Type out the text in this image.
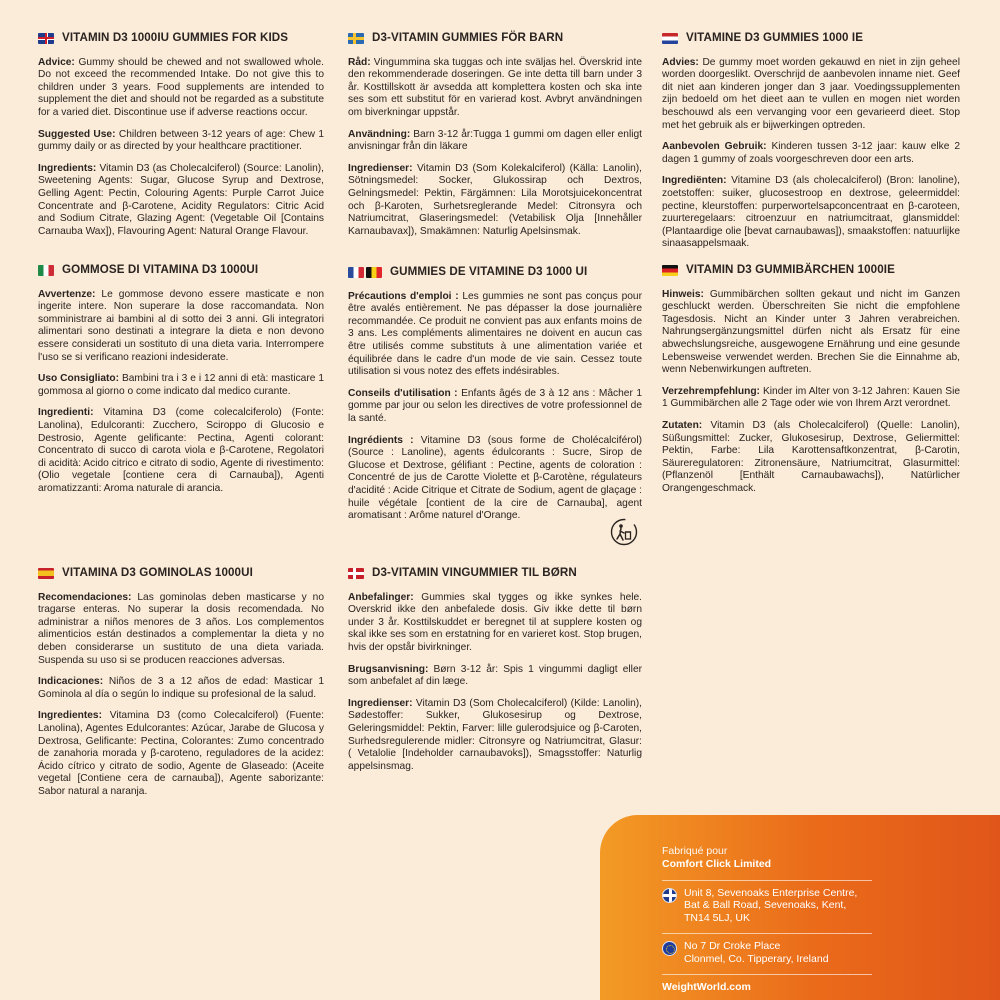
VITAMIN D3 1000IU GUMMIES FOR KIDS
Advice: Gummy should be chewed and not swallowed whole. Do not exceed the recommended Intake. Do not give this to children under 3 years. Food supplements are intended to supplement the diet and should not be regarded as a substitute for a varied diet. Discontinue use if adverse reactions occur.
Suggested Use: Children between 3-12 years of age: Chew 1 gummy daily or as directed by your healthcare practitioner.
Ingredients: Vitamin D3 (as Cholecalciferol) (Source: Lanolin), Sweetening Agents: Sugar, Glucose Syrup and Dextrose, Gelling Agent: Pectin, Colouring Agents: Purple Carrot Juice Concentrate and β-Carotene, Acidity Regulators: Citric Acid and Sodium Citrate, Glazing Agent: (Vegetable Oil [Contains Carnauba Wax]), Flavouring Agent: Natural Orange Flavour.
D3-VITAMIN GUMMIES FÖR BARN
Råd: Vingummina ska tuggas och inte sväljas hel. Överskrid inte den rekommenderade doseringen. Ge inte detta till barn under 3 år. Kosttillskott är avsedda att komplettera kosten och ska inte ses som ett substitut för en varierad kost. Avbryt användningen om biverkningar uppstår.
Användning: Barn 3-12 år:Tugga 1 gummi om dagen eller enligt anvisningar från din läkare
Ingredienser: Vitamin D3 (Som Kolekalciferol) (Källa: Lanolin), Sötningsmedel: Socker, Glukossirap och Dextros, Gelningsmedel: Pektin, Färgämnen: Lila Morotsjuicekoncentrat och β-Karoten, Surhetsreglerande Medel: Citronsyra och Natriumcitrat, Glaseringsmedel: (Vetabilisk Olja [Innehåller Karnaubavax]), Smakämnen: Naturlig Apelsinsmak.
VITAMINE D3 GUMMIES 1000 IE
Advies: De gummy moet worden gekauwd en niet in zijn geheel worden doorgeslikt. Overschrijd de aanbevolen inname niet. Geef dit niet aan kinderen jonger dan 3 jaar. Voedingssupplementen zijn bedoeld om het dieet aan te vullen en mogen niet worden beschouwd als een vervanging voor een gevarieerd dieet. Stop met het gebruik als er bijwerkingen optreden.
Aanbevolen Gebruik: Kinderen tussen 3-12 jaar: kauw elke 2 dagen 1 gummy of zoals voorgeschreven door een arts.
Ingrediënten: Vitamine D3 (als cholecalciferol) (Bron: lanoline), zoetstoffen: suiker, glucosestroop en dextrose, geleermiddel: pectine, kleurstoffen: purperwortelsapconcentraat en β-caroteen, zuurteregelaars: citroenzuur en natriumcitraat, glansmiddel: (Plantaardige olie [bevat carnaubawas]), smaakstoffen: natuurlijke sinaasappelsmaak.
GOMMOSE DI VITAMINA D3 1000UI
Avvertenze: Le gommose devono essere masticate e non ingerite intere. Non superare la dose raccomandata. Non somministrare ai bambini al di sotto dei 3 anni. Gli integratori alimentari sono destinati a integrare la dieta e non devono essere considerati un sostituto di una dieta varia. Interrompere l'uso se si verificano reazioni indesiderate.
Uso Consigliato: Bambini tra i 3 e i 12 anni di età: masticare 1 gommosa al giorno o come indicato dal medico curante.
Ingredienti: Vitamina D3 (come colecalciferolo) (Fonte: Lanolina), Edulcoranti: Zucchero, Sciroppo di Glucosio e Destrosio, Agente gelificante: Pectina, Agenti colorant: Concentrato di succo di carota viola e β-Carotene, Regolatori di acidità: Acido citrico e citrato di sodio, Agente di rivestimento: (Olio vegetale [contiene cera di Carnauba]), Agenti aromatizzanti: Aroma naturale di arancia.
GUMMIES DE VITAMINE D3 1000 UI
Précautions d'emploi : Les gummies ne sont pas conçus pour être avalés entièrement. Ne pas dépasser la dose journalière recommandée. Ce produit ne convient pas aux enfants moins de 3 ans. Les compléments alimentaires ne doivent en aucun cas être utilisés comme substituts à une alimentation variée et équilibrée dans le cadre d'un mode de vie sain. Cessez toute utilisation si vous notez des effets indésirables.
Conseils d'utilisation : Enfants âgés de 3 à 12 ans : Mâcher 1 gomme par jour ou selon les directives de votre professionnel de la santé.
Ingrédients : Vitamine D3 (sous forme de Cholécalciférol) (Source : Lanoline), agents édulcorants : Sucre, Sirop de Glucose et Dextrose, gélifiant : Pectine, agents de coloration : Concentré de jus de Carotte Violette et β-Carotène, régulateurs d'acidité : Acide Citrique et Citrate de Sodium, agent de glaçage : huile végétale [contient de la cire de Carnauba], agent aromatisant : Arôme naturel d'Orange.
VITAMIN D3 GUMMIBÄRCHEN 1000IE
Hinweis: Gummibärchen sollten gekaut und nicht im Ganzen geschluckt werden. Überschreiten Sie nicht die empfohlene Tagesdosis. Nicht an Kinder unter 3 Jahren verabreichen. Nahrungsergänzungsmittel dürfen nicht als Ersatz für eine abwechslungsreiche, ausgewogene Ernährung und eine gesunde Lebensweise verwendet werden. Brechen Sie die Einnahme ab, wenn Nebenwirkungen auftreten.
Verzehrempfehlung: Kinder im Alter von 3-12 Jahren: Kauen Sie 1 Gummibärchen alle 2 Tage oder wie von Ihrem Arzt verordnet.
Zutaten: Vitamin D3 (als Cholecalciferol) (Quelle: Lanolin), Süßungsmittel: Zucker, Glukosesirup, Dextrose, Geliermittel: Pektin, Farbe: Lila Karottensaftkonzentrat, β-Carotin, Säureregulatoren: Zitronensäure, Natriumcitrat, Glasurmittel: (Pflanzenöl [Enthält Carnaubawachs]), Natürlicher Orangengeschmack.
VITAMINA D3 GOMINOLAS 1000UI
Recomendaciones: Las gominolas deben masticarse y no tragarse enteras. No superar la dosis recomendada. No administrar a niños menores de 3 años. Los complementos alimenticios están destinados a complementar la dieta y no deben considerarse un sustituto de una dieta variada. Suspenda su uso si se producen reacciones adversas.
Indicaciones: Niños de 3 a 12 años de edad: Masticar 1 Gominola al día o según lo indique su profesional de la salud.
Ingredientes: Vitamina D3 (como Colecalciferol) (Fuente: Lanolina), Agentes Edulcorantes: Azúcar, Jarabe de Glucosa y Dextrosa, Gelificante: Pectina, Colorantes: Zumo concentrado de zanahoria morada y β-caroteno, reguladores de la acidez: Ácido cítrico y citrato de sodio, Agente de Glaseado: (Aceite vegetal [Contiene cera de carnauba]), Agente saborizante: Sabor natural a naranja.
D3-VITAMIN VINGUMMIER TIL BØRN
Anbefalinger: Gummies skal tygges og ikke synkes hele. Overskrid ikke den anbefalede dosis. Giv ikke dette til børn under 3 år. Kosttilskuddet er beregnet til at supplere kosten og skal ikke ses som en erstatning for en varieret kost. Stop brugen, hvis der opstår bivirkninger.
Brugsanvisning: Børn 3-12 år: Spis 1 vingummi dagligt eller som anbefalet af din læge.
Ingredienser: Vitamin D3 (Som Cholecalciferol) (Kilde: Lanolin), Sødestoffer: Sukker, Glukosesirup og Dextrose, Geleringsmiddel: Pektin, Farver: lille gulerodsjuice og β-Caroten, Surhedsregulerende midler: Citronsyre og Natriumcitrat, Glasur: ( Vetalolie [Indeholder carnaubavoks]), Smagsstoffer: Naturlig appelsinsmag.
Fabriqué pour
Comfort Click Limited
Unit 8, Sevenoaks Enterprise Centre,
Bat & Ball Road, Sevenoaks, Kent,
TN14 5LJ, UK
No 7 Dr Croke Place
Clonmel, Co. Tipperary, Ireland
WeightWorld.com
